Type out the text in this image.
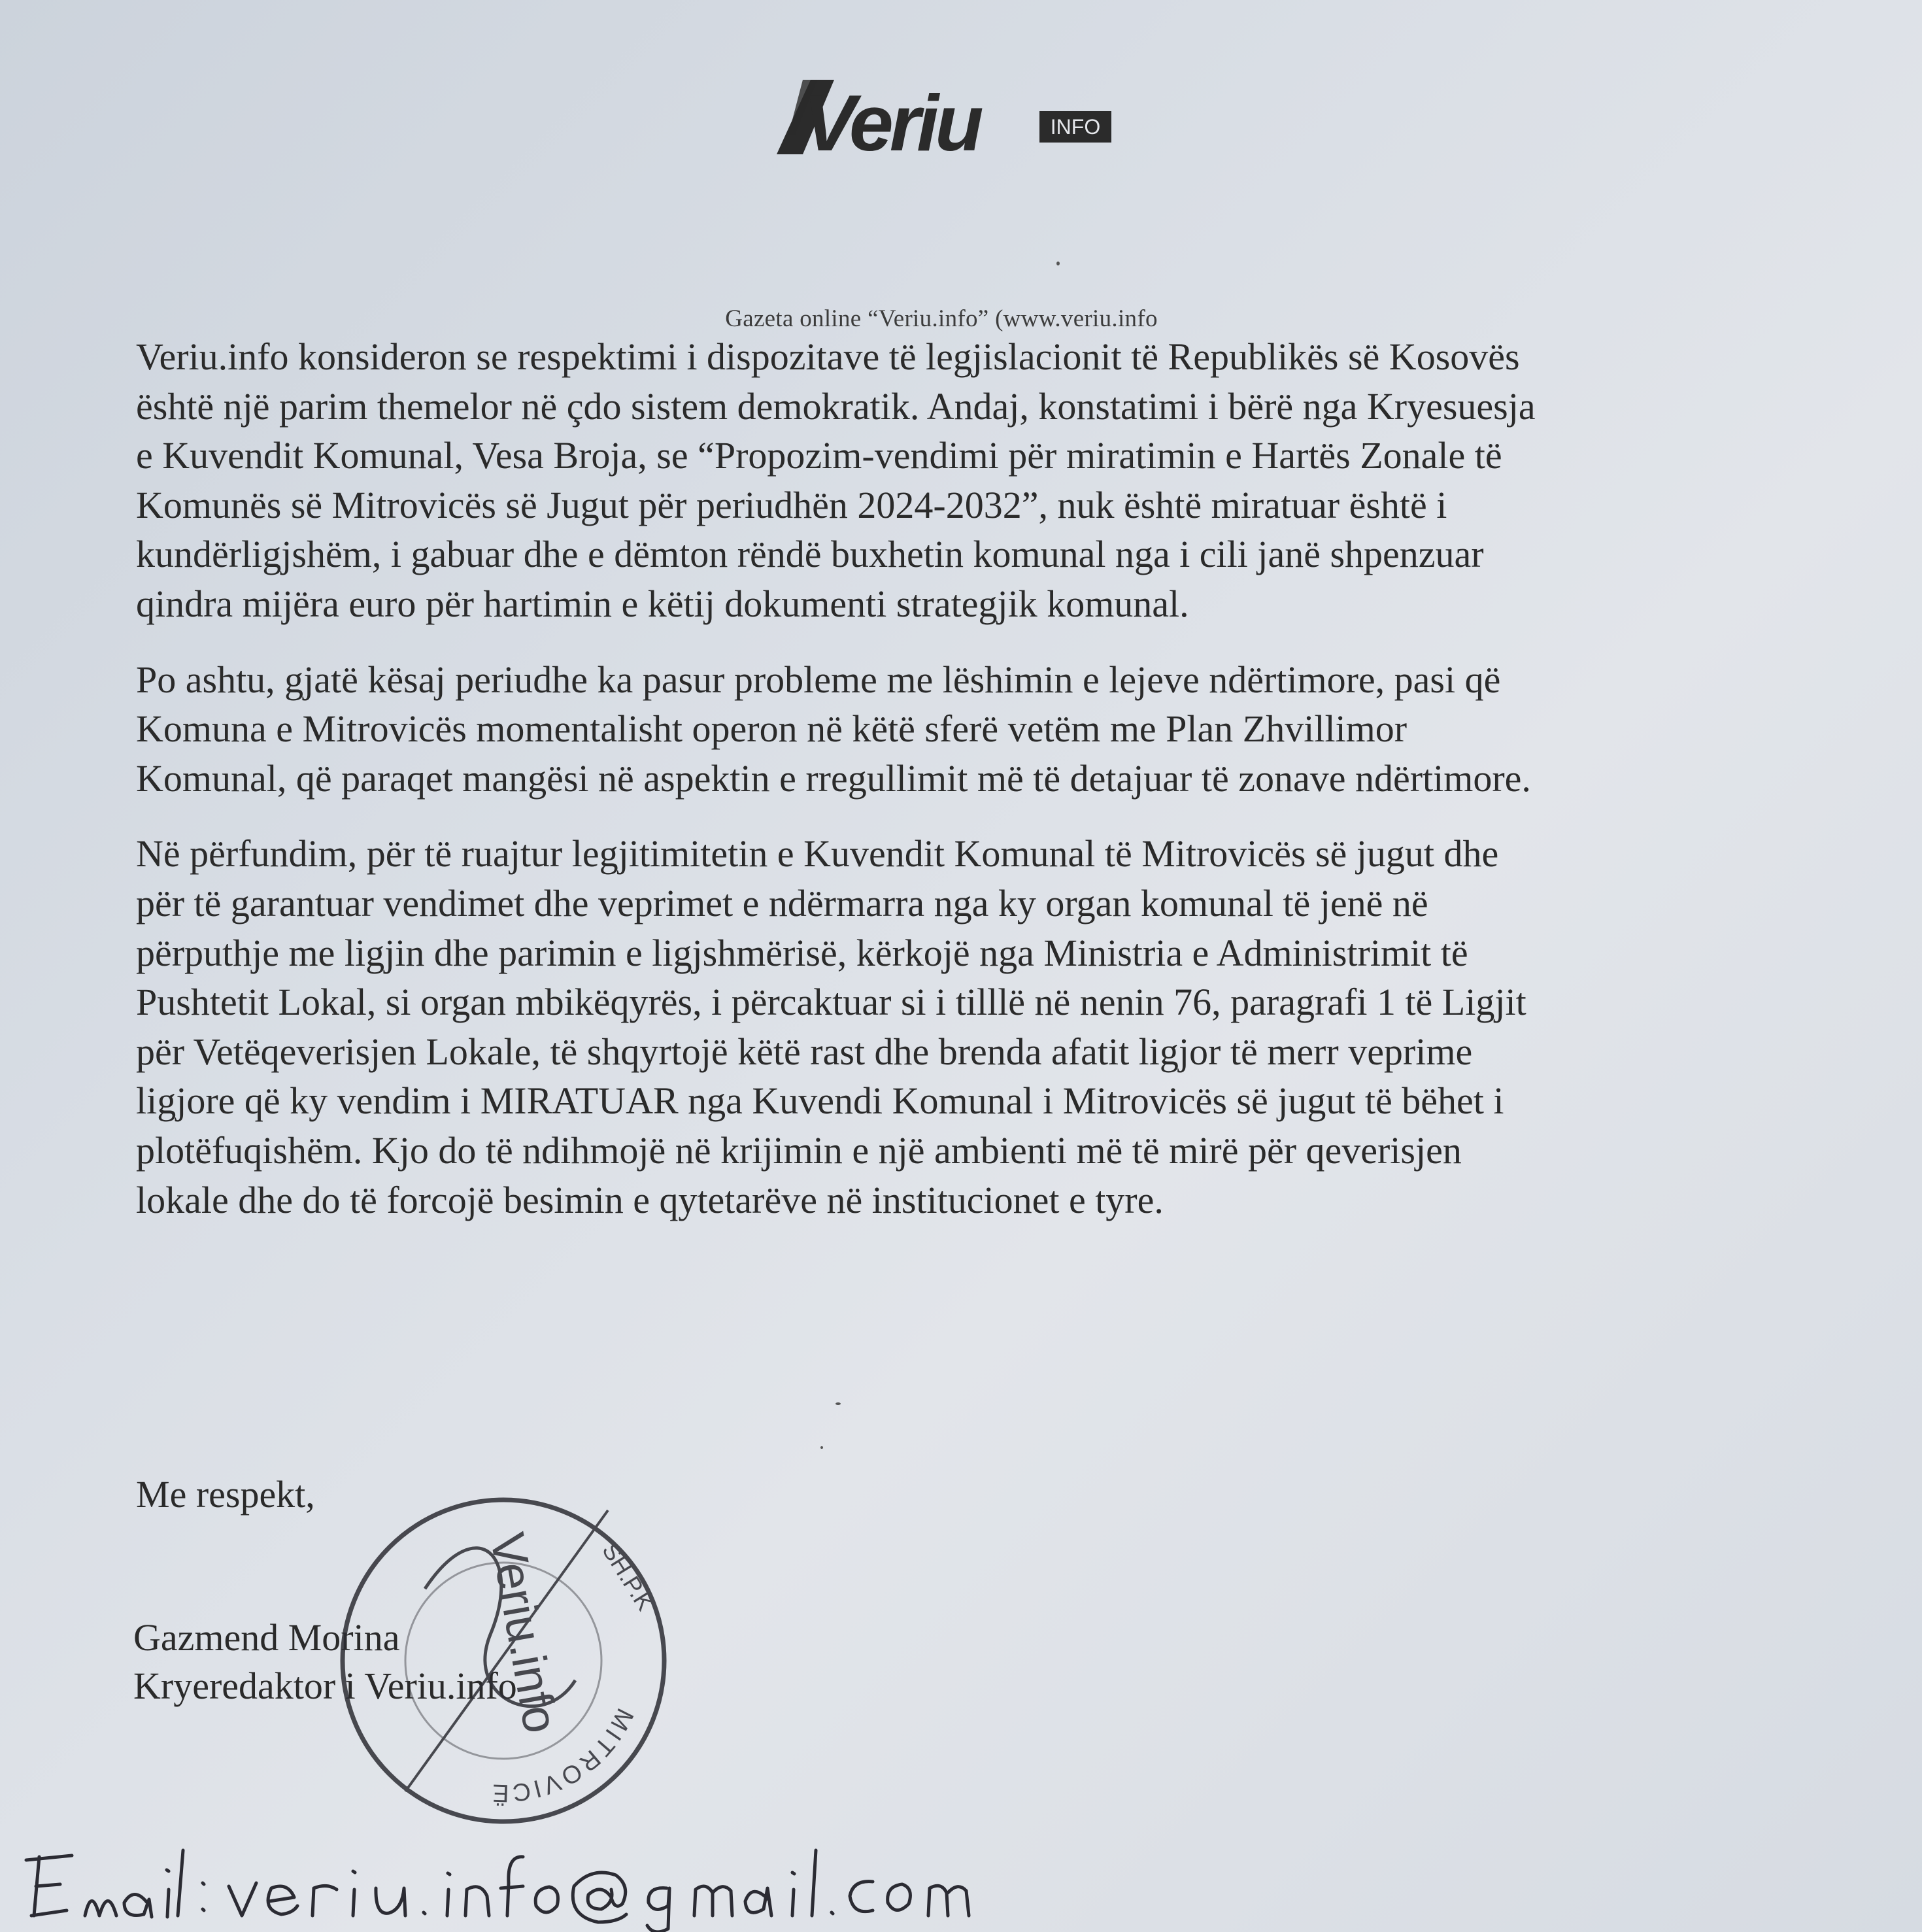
Veriu	INFO
Gazeta online “Veriu.info” (www.veriu.info

Veriu.info konsideron se respektimi i dispozitave të legjislacionit të Republikës së Kosovës
është një parim themelor në çdo sistem demokratik. Andaj, konstatimi i bërë nga Kryesuesja
e Kuvendit Komunal, Vesa Broja, se “Propozim-vendimi për miratimin e Hartës Zonale të
Komunës së Mitrovicës së Jugut për periudhën 2024-2032”, nuk është miratuar është i
kundërligjshëm, i gabuar dhe e dëmton rëndë buxhetin komunal nga i cili janë shpenzuar
qindra mijëra euro për hartimin e këtij dokumenti strategjik komunal.

Po ashtu, gjatë kësaj periudhe ka pasur probleme me lëshimin e lejeve ndërtimore, pasi që
Komuna e Mitrovicës momentalisht operon në këtë sferë vetëm me Plan Zhvillimor
Komunal, që paraqet mangësi në aspektin e rregullimit më të detajuar të zonave ndërtimore.

Në përfundim, për të ruajtur legjitimitetin e Kuvendit Komunal të Mitrovicës së jugut dhe
për të garantuar vendimet dhe veprimet e ndërmarra nga ky organ komunal të jenë në
përputhje me ligjin dhe parimin e ligjshmërisë, kërkojë nga Ministria e Administrimit të
Pushtetit Lokal, si organ mbikëqyrës, i përcaktuar si i tilllë në nenin 76, paragrafi 1 të Ligjit
për Vetëqeverisjen Lokale, të shqyrtojë këtë rast dhe brenda afatit ligjor të merr veprime
ligjore që ky vendim i MIRATUAR nga Kuvendi Komunal i Mitrovicës së jugut të bëhet i
plotëfuqishëm. Kjo do të ndihmojë në krijimin e një ambienti më të mirë për qeverisjen
lokale dhe do të forcojë besimin e qytetarëve në institucionet e tyre.

Me respekt,
Gazmend Morina
Kryeredaktor i Veriu.info
MITROVICË
SH.P.K
Veriu.info
